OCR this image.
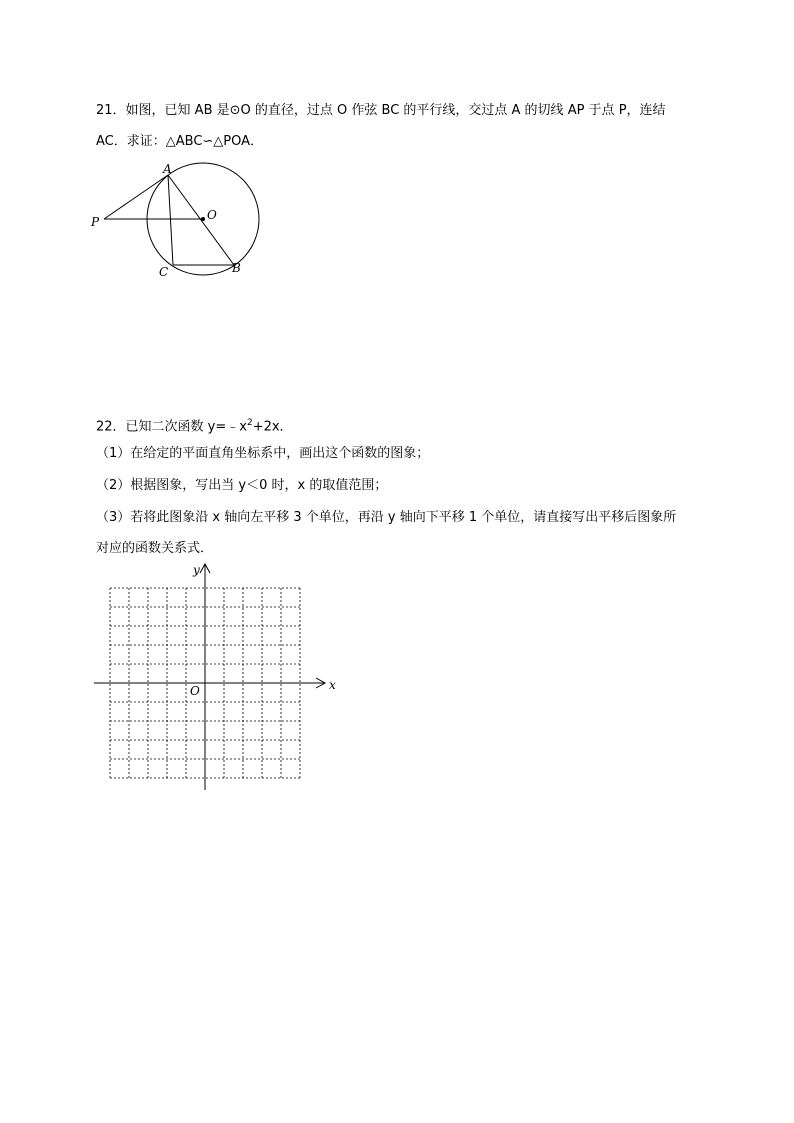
21．如图，已知 AB 是⊙O 的直径，过点 O 作弦 BC 的平行线，交过点 A 的切线 AP 于点 P，连结
AC．求证：△ABC∽△POA．
A
O
P
C	B
22．已知二次函数 $y=﹣x^2+2x$．
（1）在给定的平面直角坐标系中，画出这个函数的图象；
（2）根据图象，写出当 y＜0 时，x 的取值范围；
（3）若将此图象沿 x 轴向左平移 3 个单位，再沿 y 轴向下平移 1 个单位，请直接写出平移后图象所
对应的函数关系式．
x
y
O
